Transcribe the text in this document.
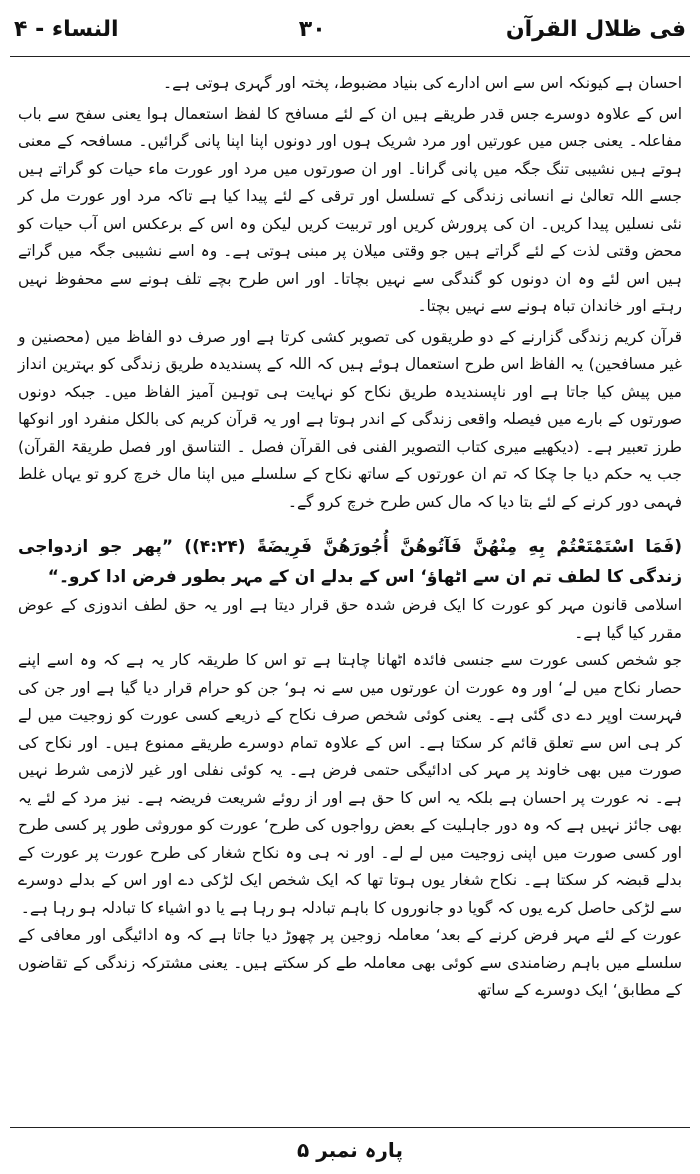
فی ظلال القرآن
۳۰
النساء - ۴

احسان ہے کیونکہ اس سے اس ادارے کی بنیاد مضبوط، پختہ اور گہری ہوتی ہے۔

اس کے علاوہ دوسرے جس قدر طریقے ہیں ان کے لئے مسافح کا لفظ استعمال ہوا یعنی سفح سے باب مفاعلہ۔ یعنی جس میں عورتیں اور مرد شریک ہوں اور دونوں اپنا اپنا پانی گرائیں۔ مسافحہ کے معنی ہوتے ہیں نشیبی تنگ جگہ میں پانی گرانا۔ اور ان صورتوں میں مرد اور عورت ماء حیات کو گراتے ہیں جسے اللہ تعالیٰ نے انسانی زندگی کے تسلسل اور ترقی کے لئے پیدا کیا ہے تاکہ مرد اور عورت مل کر نئی نسلیں پیدا کریں۔ ان کی پرورش کریں اور تربیت کریں لیکن وہ اس کے برعکس اس آب حیات کو محض وقتی لذت کے لئے گراتے ہیں جو وقتی میلان پر مبنی ہوتی ہے۔ وہ اسے نشیبی جگہ میں گراتے ہیں اس لئے وہ ان دونوں کو گندگی سے نہیں بچاتا۔ اور اس طرح بچے تلف ہونے سے محفوظ نہیں رہتے اور خاندان تباہ ہونے سے نہیں بچتا۔

قرآن کریم زندگی گزارنے کے دو طریقوں کی تصویر کشی کرتا ہے اور صرف دو الفاظ میں (محصنین و غیر مسافحین) یہ الفاظ اس طرح استعمال ہوئے ہیں کہ اللہ کے پسندیدہ طریق زندگی کو بہترین انداز میں پیش کیا جاتا ہے اور ناپسندیدہ طریق نکاح کو نہایت ہی توہین آمیز الفاظ میں۔ جبکہ دونوں صورتوں کے بارے میں فیصلہ واقعی زندگی کے اندر ہوتا ہے اور یہ قرآن کریم کی بالکل منفرد اور انوکھا طرز تعبیر ہے۔ (دیکھیے میری کتاب التصویر الفنی فی القرآن فصل ۔ التناسق اور فصل طریقۃ القرآن) جب یہ حکم دیا جا چکا کہ تم ان عورتوں کے ساتھ نکاح کے سلسلے میں اپنا مال خرچ کرو تو یہاں غلط فہمی دور کرنے کے لئے بتا دیا کہ مال کس طرح خرچ کرو گے۔

(فَمَا اسْتَمْتَعْتُمْ بِهِ مِنْهُنَّ فَآتُوهُنَّ أُجُورَهُنَّ فَرِيضَةً (۴:۲۴)) ”پھر جو ازدواجی زندگی کا لطف تم ان سے اٹھاؤ‘ اس کے بدلے ان کے مہر بطور فرض ادا کرو۔“

اسلامی قانون مہر کو عورت کا ایک فرض شدہ حق قرار دیتا ہے اور یہ حق لطف اندوزی کے عوض مقرر کیا گیا ہے۔

جو شخص کسی عورت سے جنسی فائدہ اٹھانا چاہتا ہے تو اس کا طریقہ کار یہ ہے کہ وہ اسے اپنے حصار نکاح میں لے‘ اور وہ عورت ان عورتوں میں سے نہ ہو‘ جن کو حرام قرار دیا گیا ہے اور جن کی فہرست اوپر دے دی گئی ہے۔ یعنی کوئی شخص صرف نکاح کے ذریعے کسی عورت کو زوجیت میں لے کر ہی اس سے تعلق قائم کر سکتا ہے۔ اس کے علاوہ تمام دوسرے طریقے ممنوع ہیں۔ اور نکاح کی صورت میں بھی خاوند پر مہر کی ادائیگی حتمی فرض ہے۔ یہ کوئی نفلی اور غیر لازمی شرط نہیں ہے۔ نہ عورت پر احسان ہے بلکہ یہ اس کا حق ہے اور از روئے شریعت فریضہ ہے۔ نیز مرد کے لئے یہ بھی جائز نہیں ہے کہ وہ دور جاہلیت کے بعض رواجوں کی طرح‘ عورت کو موروثی طور پر کسی طرح اور کسی صورت میں اپنی زوجیت میں لے لے۔ اور نہ ہی وہ نکاح شغار کی طرح عورت پر عورت کے بدلے قبضہ کر سکتا ہے۔ نکاح شغار یوں ہوتا تھا کہ ایک شخص ایک لڑکی دے اور اس کے بدلے دوسرے سے لڑکی حاصل کرے یوں کہ گویا دو جانوروں کا باہم تبادلہ ہو رہا ہے یا دو اشیاء کا تبادلہ ہو رہا ہے۔

عورت کے لئے مہر فرض کرنے کے بعد‘ معاملہ زوجین پر چھوڑ دیا جاتا ہے کہ وہ ادائیگی اور معافی کے سلسلے میں باہم رضامندی سے کوئی بھی معاملہ طے کر سکتے ہیں۔ یعنی مشترکہ زندگی کے تقاضوں کے مطابق‘ ایک دوسرے کے ساتھ

پارہ نمبر ۵
